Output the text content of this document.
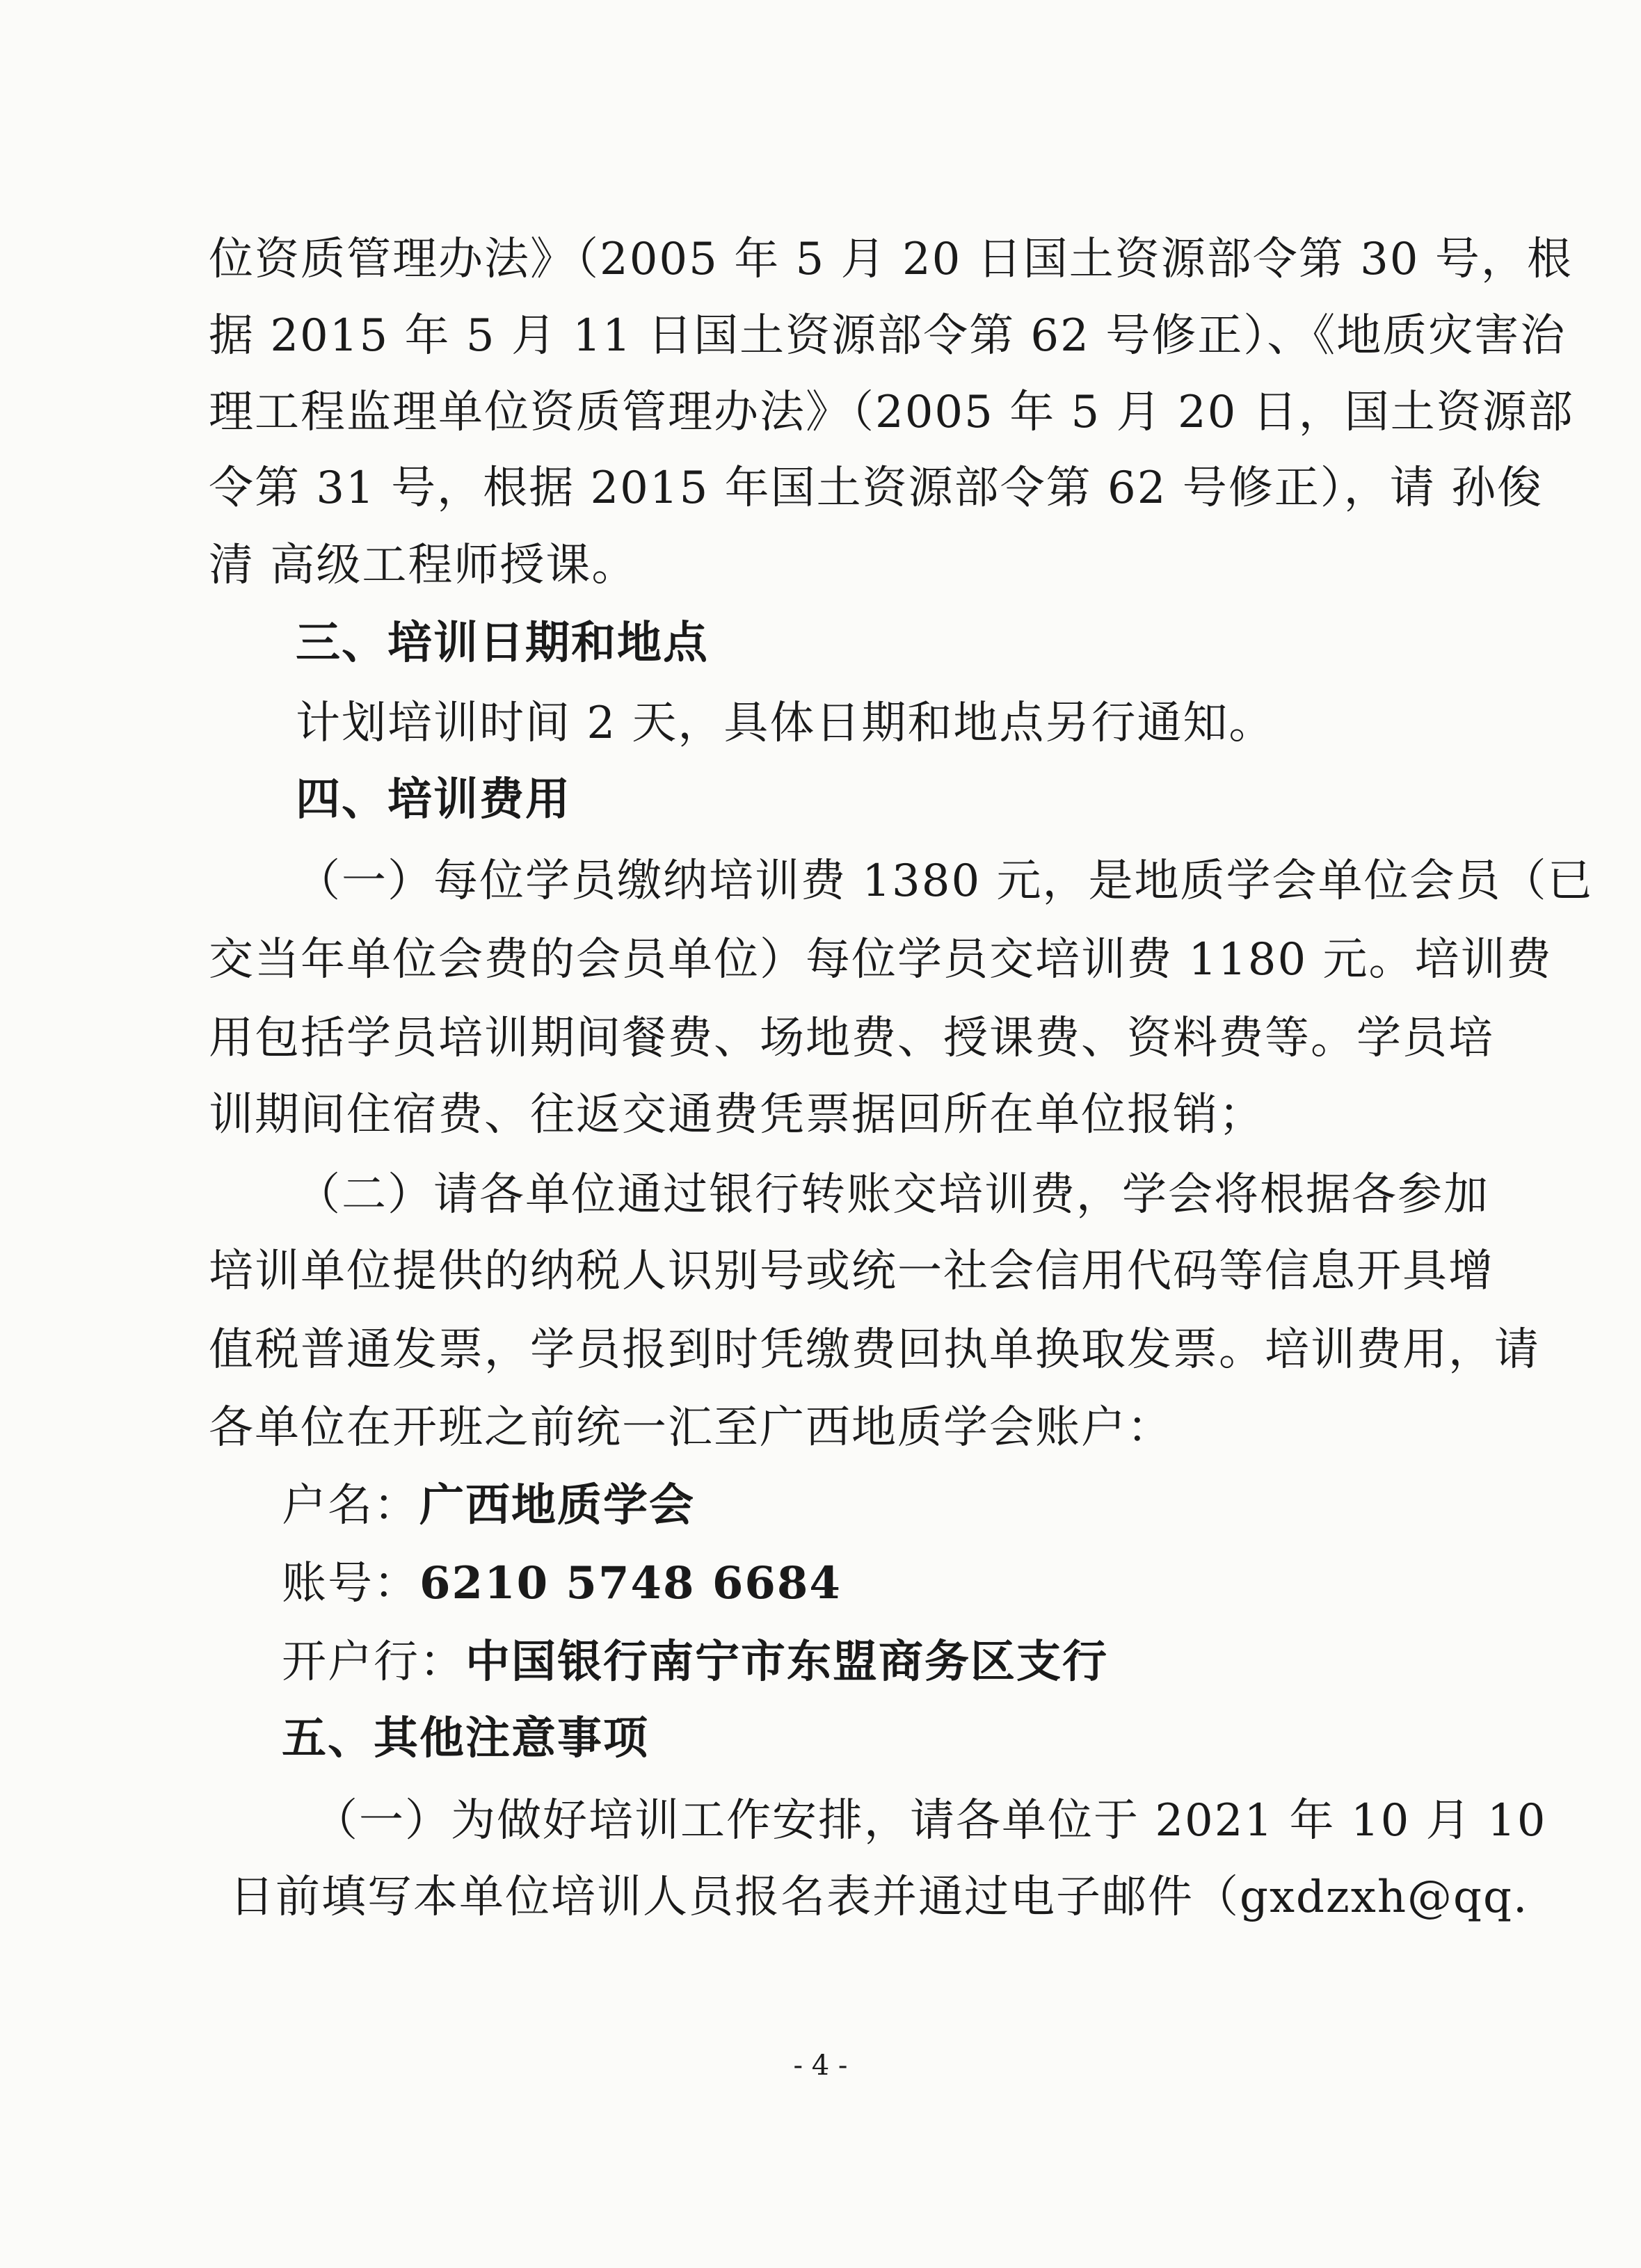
位资质管理办法》（2005 年 5 月 20 日国土资源部令第 30 号，根
据 2015 年 5 月 11 日国土资源部令第 62 号修正）、《地质灾害治
理工程监理单位资质管理办法》（2005 年 5 月 20 日，国土资源部
令第 31 号，根据 2015 年国土资源部令第 62 号修正），请 孙俊
清 高级工程师授课。
三、培训日期和地点
计划培训时间 2 天，具体日期和地点另行通知。
四、培训费用
（一）每位学员缴纳培训费 1380 元，是地质学会单位会员（已
交当年单位会费的会员单位）每位学员交培训费 1180 元。培训费
用包括学员培训期间餐费、场地费、授课费、资料费等。学员培
训期间住宿费、往返交通费凭票据回所在单位报销；
（二）请各单位通过银行转账交培训费，学会将根据各参加
培训单位提供的纳税人识别号或统一社会信用代码等信息开具增
值税普通发票，学员报到时凭缴费回执单换取发票。培训费用，请
各单位在开班之前统一汇至广西地质学会账户：
户名：广西地质学会
账号：6210 5748 6684
开户行：中国银行南宁市东盟商务区支行
五、其他注意事项
（一）为做好培训工作安排，请各单位于 2021 年 10 月 10
日前填写本单位培训人员报名表并通过电子邮件（gxdzxh@qq.
- 4 -
